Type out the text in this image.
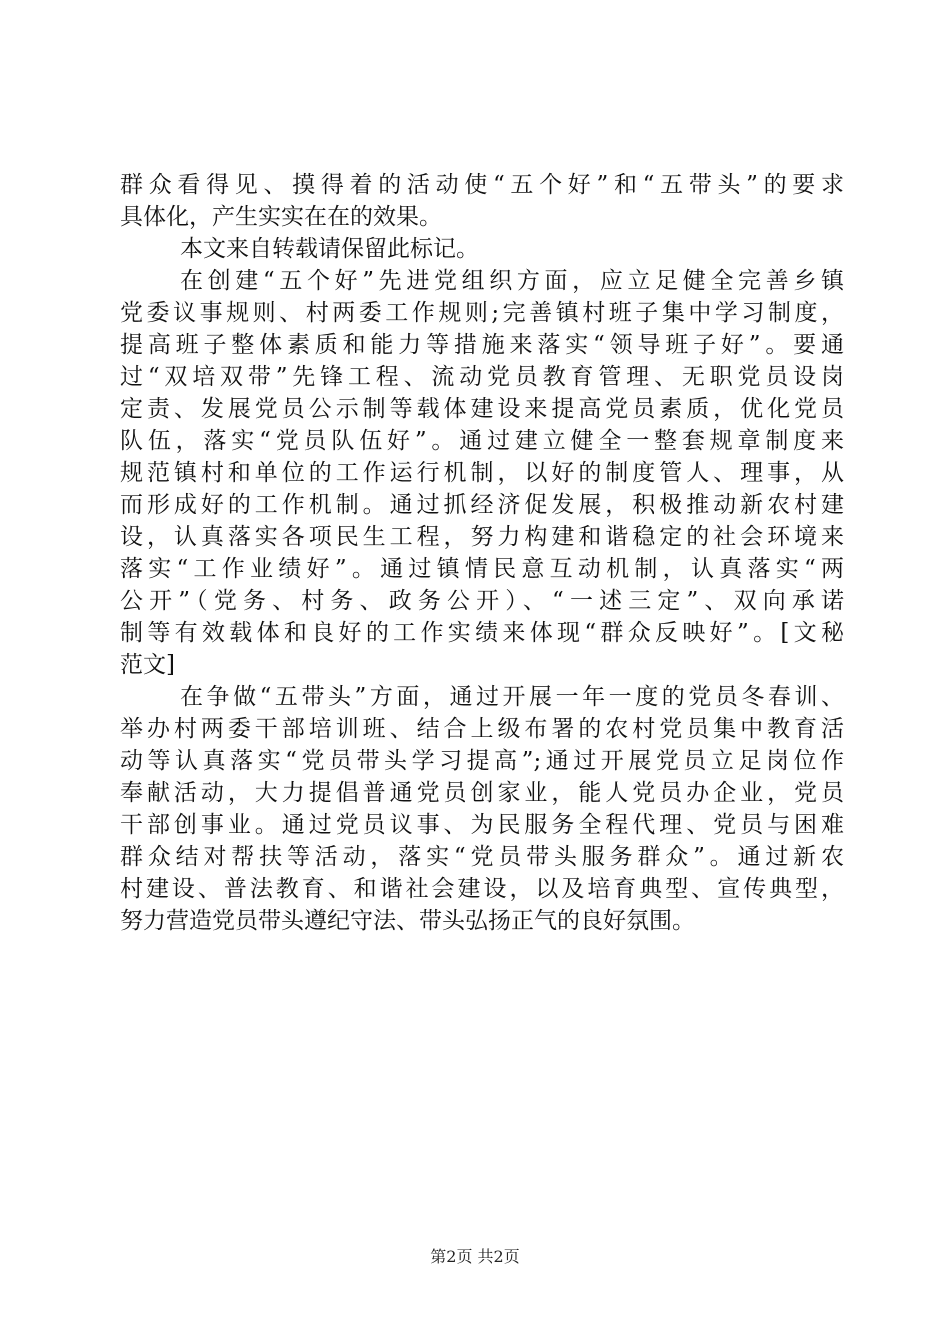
群众看得见、摸得着的活动使“五个好”和“五带头”的要求
具体化，产生实实在在的效果。
本文来自转载请保留此标记。
在创建“五个好”先进党组织方面，应立足健全完善乡镇
党委议事规则、村两委工作规则;完善镇村班子集中学习制度，
提高班子整体素质和能力等措施来落实“领导班子好”。要通
过“双培双带”先锋工程、流动党员教育管理、无职党员设岗
定责、发展党员公示制等载体建设来提高党员素质，优化党员
队伍，落实“党员队伍好”。通过建立健全一整套规章制度来
规范镇村和单位的工作运行机制，以好的制度管人、理事，从
而形成好的工作机制。通过抓经济促发展，积极推动新农村建
设，认真落实各项民生工程，努力构建和谐稳定的社会环境来
落实“工作业绩好”。通过镇情民意互动机制，认真落实“两
公开”（党务、村务、政务公开）、“一述三定”、双向承诺
制等有效载体和良好的工作实绩来体现“群众反映好”。[文秘
范文]
在争做“五带头”方面，通过开展一年一度的党员冬春训、
举办村两委干部培训班、结合上级布署的农村党员集中教育活
动等认真落实“党员带头学习提高”;通过开展党员立足岗位作
奉献活动，大力提倡普通党员创家业，能人党员办企业，党员
干部创事业。通过党员议事、为民服务全程代理、党员与困难
群众结对帮扶等活动，落实“党员带头服务群众”。通过新农
村建设、普法教育、和谐社会建设，以及培育典型、宣传典型，
努力营造党员带头遵纪守法、带头弘扬正气的良好氛围。
第2页 共2页
